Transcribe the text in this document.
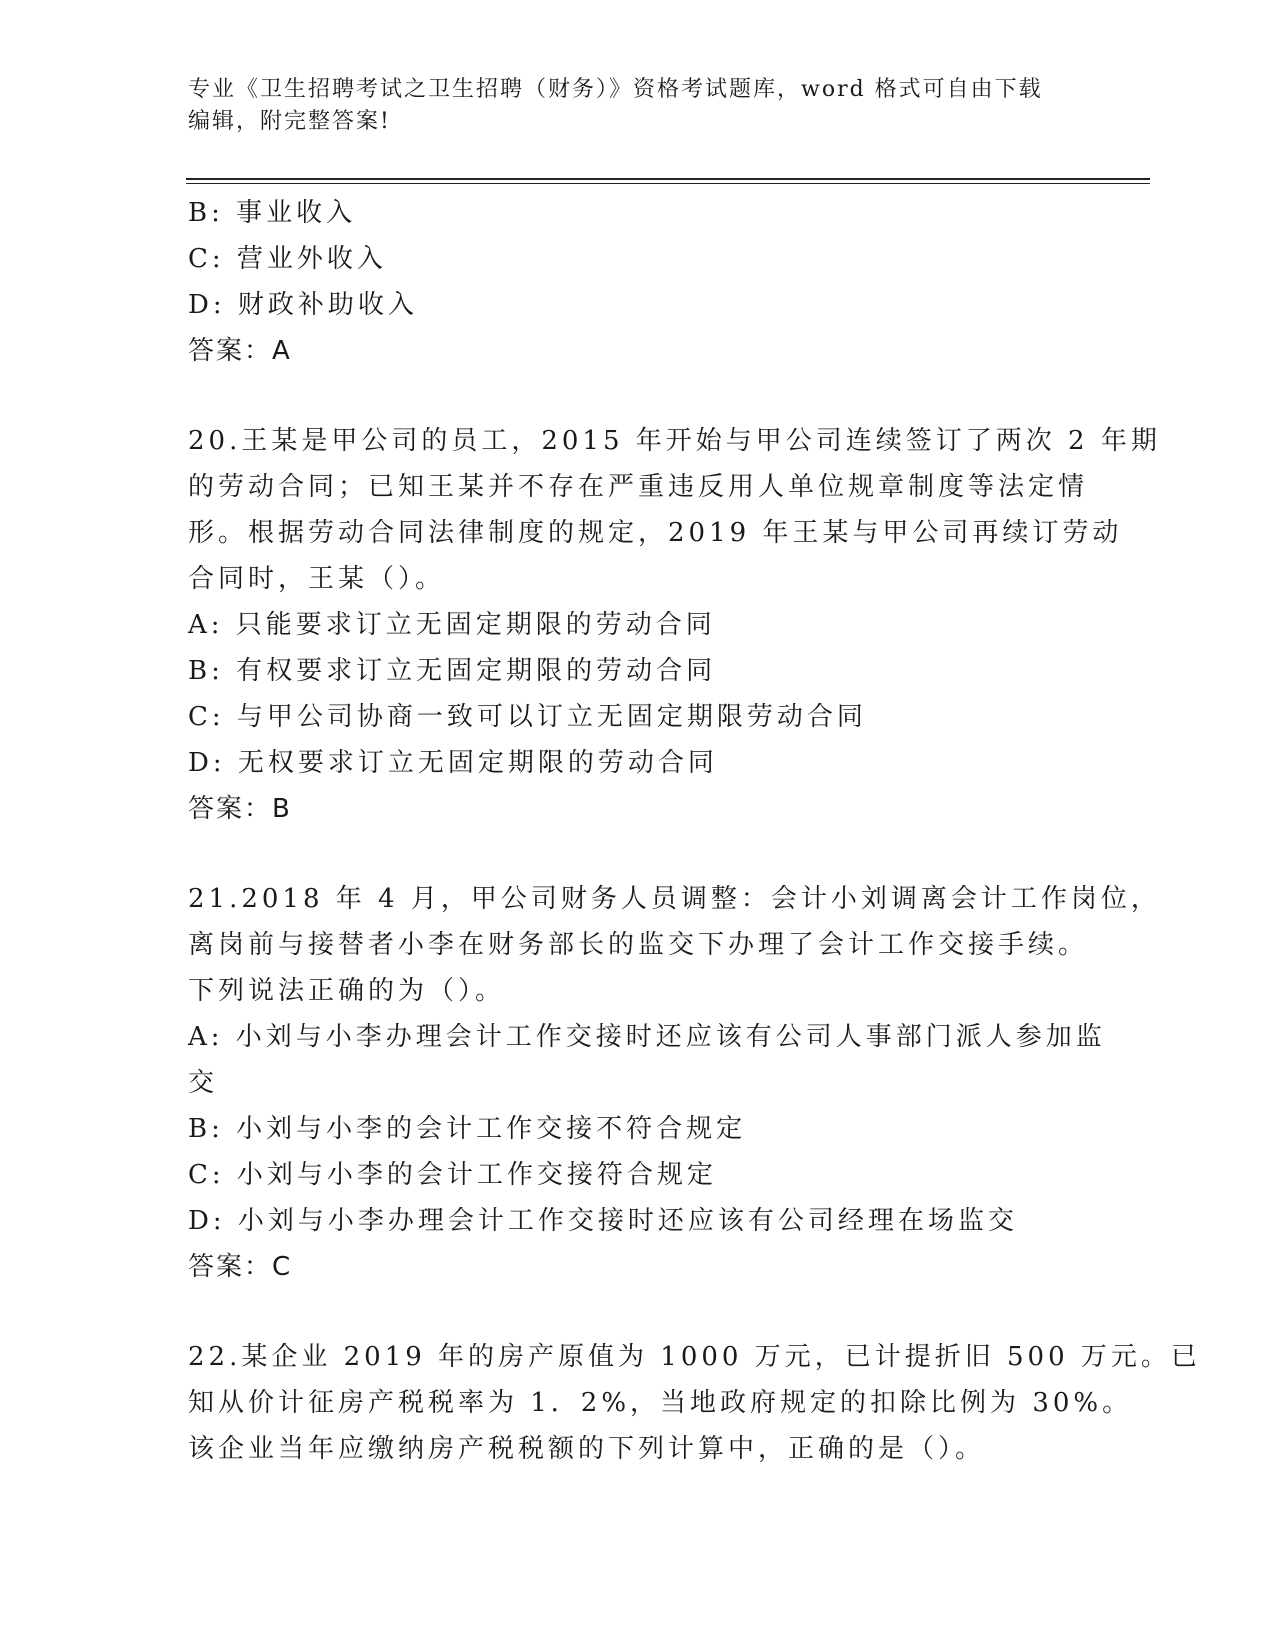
专业《卫生招聘考试之卫生招聘（财务）》资格考试题库，word 格式可自由下载
编辑，附完整答案!
B: 事业收入
C: 营业外收入
D: 财政补助收入
答案：A
20.王某是甲公司的员工，2015 年开始与甲公司连续签订了两次 2 年期
的劳动合同；已知王某并不存在严重违反用人单位规章制度等法定情
形。根据劳动合同法律制度的规定，2019 年王某与甲公司再续订劳动
合同时，王某（）。
A: 只能要求订立无固定期限的劳动合同
B: 有权要求订立无固定期限的劳动合同
C: 与甲公司协商一致可以订立无固定期限劳动合同
D: 无权要求订立无固定期限的劳动合同
答案：B
21.2018 年 4 月，甲公司财务人员调整：会计小刘调离会计工作岗位，
离岗前与接替者小李在财务部长的监交下办理了会计工作交接手续。
下列说法正确的为（）。
A: 小刘与小李办理会计工作交接时还应该有公司人事部门派人参加监
交
B: 小刘与小李的会计工作交接不符合规定
C: 小刘与小李的会计工作交接符合规定
D: 小刘与小李办理会计工作交接时还应该有公司经理在场监交
答案：C
22.某企业 2019 年的房产原值为 1000 万元，已计提折旧 500 万元。已
知从价计征房产税税率为 1．2%，当地政府规定的扣除比例为 30%。
该企业当年应缴纳房产税税额的下列计算中，正确的是（）。
